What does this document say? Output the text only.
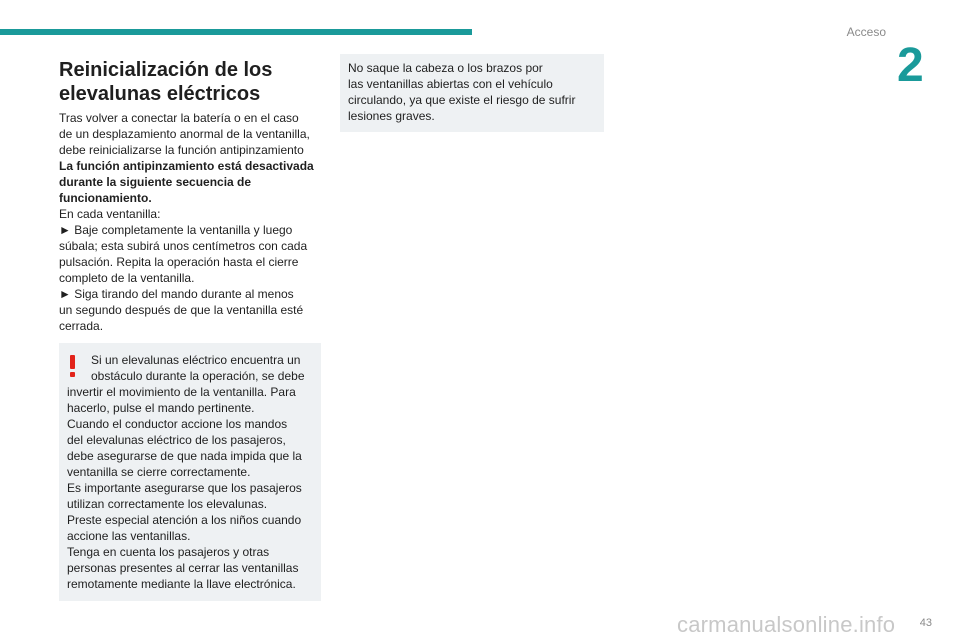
Acceso
2
Reinicialización de los
elevalunas eléctricos
Tras volver a conectar la batería o en el caso
de un desplazamiento anormal de la ventanilla,
debe reinicializarse la función antipinzamiento
La función antipinzamiento está desactivada
durante la siguiente secuencia de
funcionamiento.
En cada ventanilla:
► Baje completamente la ventanilla y luego
súbala; esta subirá unos centímetros con cada
pulsación. Repita la operación hasta el cierre
completo de la ventanilla.
► Siga tirando del mando durante al menos
un segundo después de que la ventanilla esté
cerrada.
Si un elevalunas eléctrico encuentra un
obstáculo durante la operación, se debe
invertir el movimiento de la ventanilla. Para
hacerlo, pulse el mando pertinente.
Cuando el conductor accione los mandos
del elevalunas eléctrico de los pasajeros,
debe asegurarse de que nada impida que la
ventanilla se cierre correctamente.
Es importante asegurarse que los pasajeros
utilizan correctamente los elevalunas.
Preste especial atención a los niños cuando
accione las ventanillas.
Tenga en cuenta los pasajeros y otras
personas presentes al cerrar las ventanillas
remotamente mediante la llave electrónica.
No saque la cabeza o los brazos por
las ventanillas abiertas con el vehículo
circulando, ya que existe el riesgo de sufrir
lesiones graves.
carmanualsonline.info 43
